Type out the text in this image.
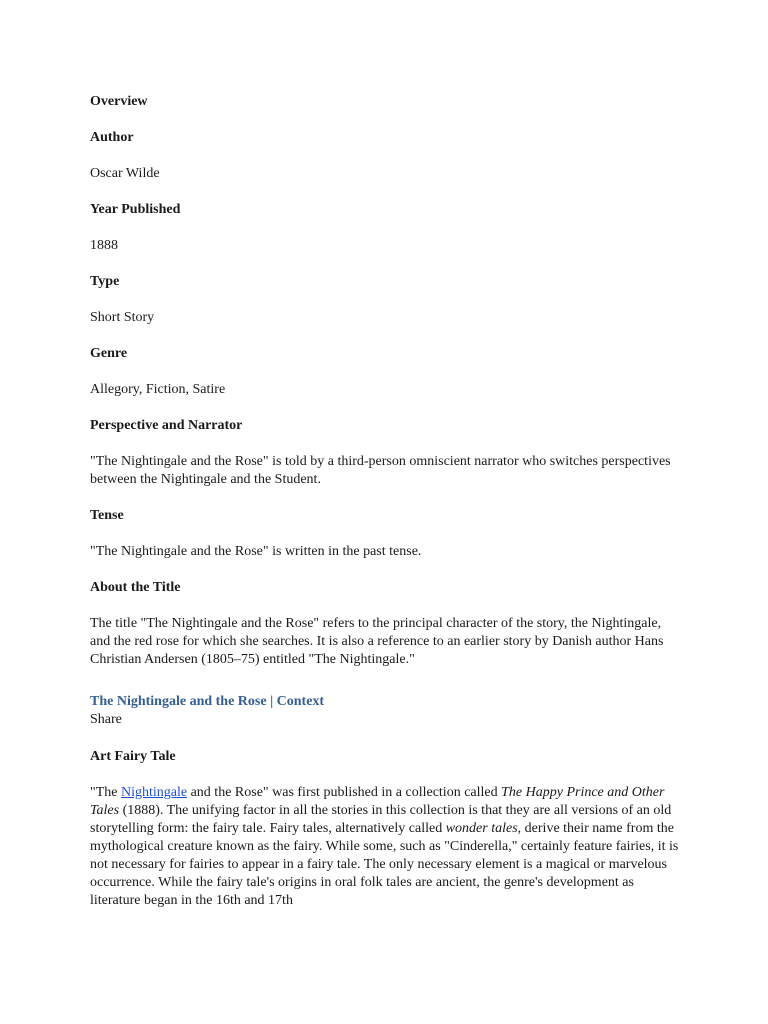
Overview
Author
Oscar Wilde
Year Published
1888
Type
Short Story
Genre
Allegory, Fiction, Satire
Perspective and Narrator
"The Nightingale and the Rose" is told by a third-person omniscient narrator who switches perspectives between the Nightingale and the Student.
Tense
"The Nightingale and the Rose" is written in the past tense.
About the Title
The title "The Nightingale and the Rose" refers to the principal character of the story, the Nightingale, and the red rose for which she searches. It is also a reference to an earlier story by Danish author Hans Christian Andersen (1805–75) entitled "The Nightingale."
The Nightingale and the Rose | Context
Share
Art Fairy Tale
"The Nightingale and the Rose" was first published in a collection called The Happy Prince and Other Tales (1888). The unifying factor in all the stories in this collection is that they are all versions of an old storytelling form: the fairy tale. Fairy tales, alternatively called wonder tales, derive their name from the mythological creature known as the fairy. While some, such as "Cinderella," certainly feature fairies, it is not necessary for fairies to appear in a fairy tale. The only necessary element is a magical or marvelous occurrence. While the fairy tale's origins in oral folk tales are ancient, the genre's development as literature began in the 16th and 17th
